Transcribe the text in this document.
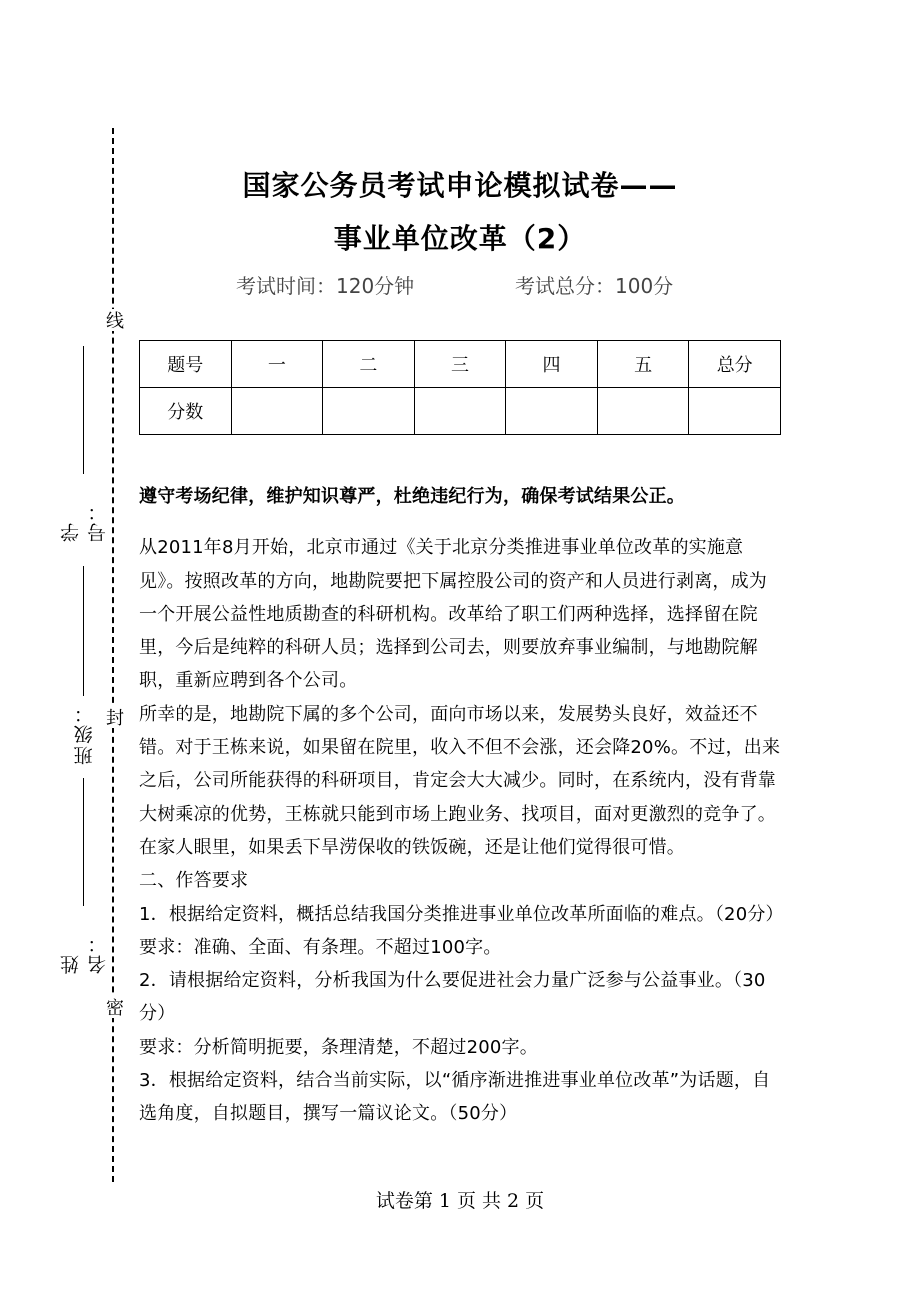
线
封
密
学号：
班级：
姓名：
国家公务员考试申论模拟试卷——
事业单位改革（2）
考试时间：120分钟	考试总分：100分
题号	一	二	三	四	五	总分
分数						

遵守考场纪律，维护知识尊严，杜绝违纪行为，确保考试结果公正。

从2011年8月开始，北京市通过《关于北京分类推进事业单位改革的实施意见》。按照改革的方向，地勘院要把下属控股公司的资产和人员进行剥离，成为一个开展公益性地质勘查的科研机构。改革给了职工们两种选择，选择留在院里，今后是纯粹的科研人员；选择到公司去，则要放弃事业编制，与地勘院解职，重新应聘到各个公司。

所幸的是，地勘院下属的多个公司，面向市场以来，发展势头良好，效益还不错。对于王栋来说，如果留在院里，收入不但不会涨，还会降20%。不过，出来之后，公司所能获得的科研项目，肯定会大大减少。同时，在系统内，没有背靠大树乘凉的优势，王栋就只能到市场上跑业务、找项目，面对更激烈的竞争了。在家人眼里，如果丢下旱涝保收的铁饭碗，还是让他们觉得很可惜。

二、作答要求

1．根据给定资料，概括总结我国分类推进事业单位改革所面临的难点。（20分）

要求：准确、全面、有条理。不超过100字。

2．请根据给定资料，分析我国为什么要促进社会力量广泛参与公益事业。（30分）

要求：分析简明扼要，条理清楚，不超过200字。

3．根据给定资料，结合当前实际，以“循序渐进推进事业单位改革”为话题，自选角度，自拟题目，撰写一篇议论文。（50分）

试卷第 1 页 共 2 页
